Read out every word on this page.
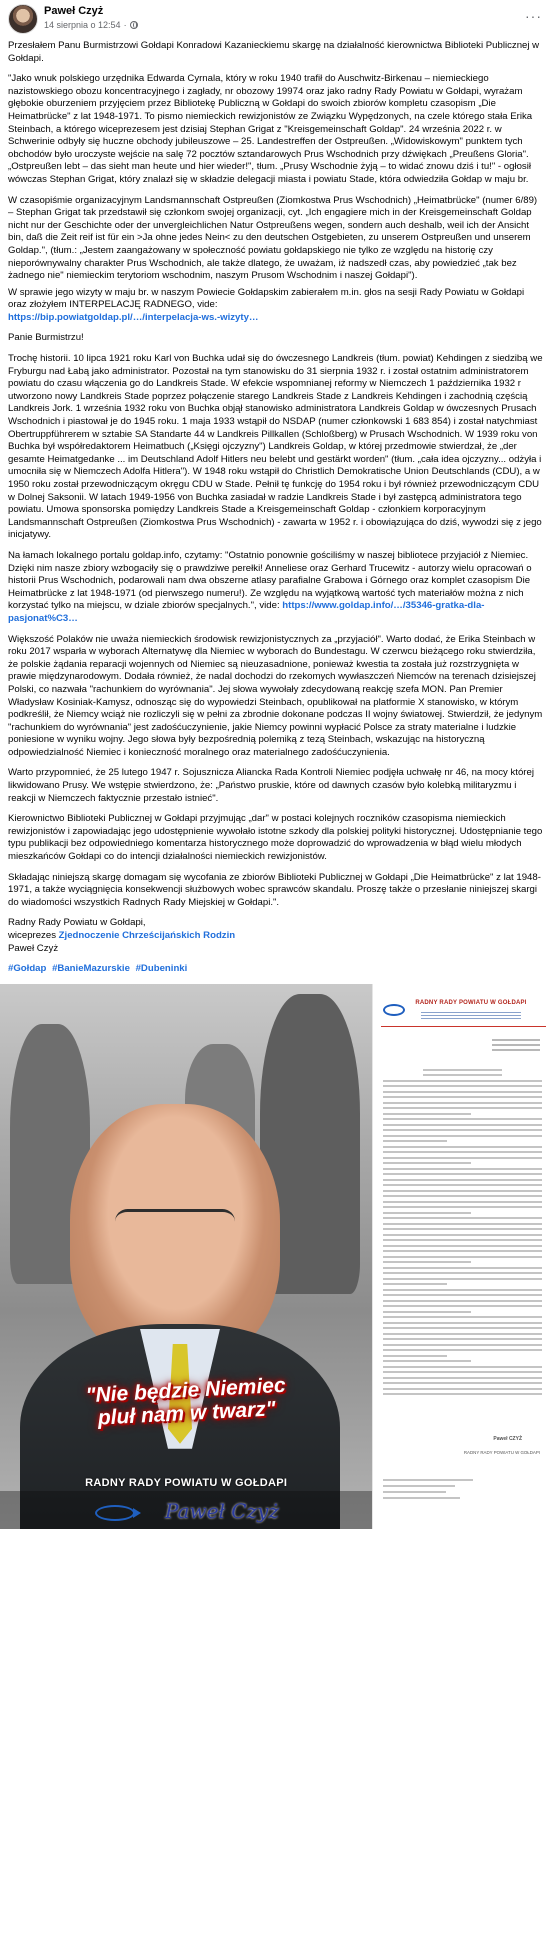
Paweł Czyż
14 sierpnia o 12:54 ·
···

Przesłałem Panu Burmistrzowi Gołdapi Konradowi Kazanieckiemu skargę na działalność kierownictwa Biblioteki Publicznej w Gołdapi.

"Jako wnuk polskiego urzędnika Edwarda Cyrnala, który w roku 1940 trafił do Auschwitz-Birkenau – niemieckiego nazistowskiego obozu koncentracyjnego i zagłady, nr obozowy 19974 oraz jako radny Rady Powiatu w Gołdapi, wyrażam głębokie oburzeniem przyjęciem przez Bibliotekę Publiczną w Gołdapi do swoich zbiorów kompletu czasopism „Die Heimatbrücke" z lat 1948-1971. To pismo niemieckich rewizjonistów ze Związku Wypędzonych, na czele którego stała Erika Steinbach, a którego wiceprezesem jest dzisiaj Stephan Grigat z "Kreisgemeinschaft Goldap". 24 września 2022 r. w Schwerinie odbyły się huczne obchody jubileuszowe – 25. Landestreffen der Ostpreußen. „Widowiskowym" punktem tych obchodów było uroczyste wejście na salę 72 pocztów sztandarowych Prus Wschodnich przy dźwiękach „Preußens Gloria". „Ostpreußen lebt – das sieht man heute und hier wieder!", tłum. „Prusy Wschodnie żyją – to widać znowu dziś i tu!" - ogłosił wówczas Stephan Grigat, który znalazł się w składzie delegacji miasta i powiatu Stade, która odwiedziła Gołdap w maju br.

W czasopiśmie organizacyjnym Landsmannschaft Ostpreußen (Ziomkostwa Prus Wschodnich) „Heimatbrücke" (numer 6/89) – Stephan Grigat tak przedstawił się członkom swojej organizacji, cyt. „Ich engagiere mich in der Kreisgemeinschaft Goldap nicht nur der Geschichte oder der unvergleichlichen Natur Ostpreußens wegen, sondern auch deshalb, weil ich der Ansicht bin, daß die Zeit reif ist für ein >Ja ohne jedes Nein< zu den deutschen Ostgebieten, zu unserem Ostpreußen und unserem Goldap.", (tłum.: „Jestem zaangażowany w społeczność powiatu gołdapskiego nie tylko ze względu na historię czy nieporównywalny charakter Prus Wschodnich, ale także dlatego, że uważam, iż nadszedł czas, aby powiedzieć „tak bez żadnego nie" niemieckim terytoriom wschodnim, naszym Prusom Wschodnim i naszej Gołdapi").

W sprawie jego wizyty w maju br. w naszym Powiecie Gołdapskim zabierałem m.in. głos na sesji Rady Powiatu w Gołdapi oraz złożyłem INTERPELACJĘ RADNEGO, vide:
https://bip.powiatgoldap.pl/…/interpelacja-ws.-wizyty…

Panie Burmistrzu!

Trochę historii. 10 lipca 1921 roku Karl von Buchka udał się do ówczesnego Landkreis (tłum. powiat) Kehdingen z siedzibą we Fryburgu nad Łabą jako administrator. Pozostał na tym stanowisku do 31 sierpnia 1932 r. i został ostatnim administratorem powiatu do czasu włączenia go do Landkreis Stade. W efekcie wspomnianej reformy w Niemczech 1 października 1932 r utworzono nowy Landkreis Stade poprzez połączenie starego Landkreis Stade z Landkreis Kehdingen i zachodnią częścią Landkreis Jork. 1 września 1932 roku von Buchka objął stanowisko administratora Landkreis Goldap w ówczesnych Prusach Wschodnich i piastował je do 1945 roku. 1 maja 1933 wstąpił do NSDAP (numer członkowski 1 683 854) i został natychmiast Obertruppführerem w sztabie SA Standarte 44 w Landkreis Pillkallen (Schloßberg) w Prusach Wschodnich. W 1939 roku von Buchka był współredaktorem Heimatbuch („Księgi ojczyzny") Landkreis Goldap, w której przedmowie stwierdzał, że „der gesamte Heimatgedanke ... im Deutschland Adolf Hitlers neu belebt und gestärkt worden" (tłum. „cała idea ojczyzny... odżyła i umocniła się w Niemczech Adolfa Hitlera"). W 1948 roku wstąpił do Christlich Demokratische Union Deutschlands (CDU), a w 1950 roku został przewodniczącym okręgu CDU w Stade. Pełnił tę funkcję do 1954 roku i był również przewodniczącym CDU w Dolnej Saksonii. W latach 1949-1956 von Buchka zasiadał w radzie Landkreis Stade i był zastępcą administratora tego powiatu. Umowa sponsorska pomiędzy Landkreis Stade a Kreisgemeinschaft Goldap - członkiem korporacyjnym Landsmannschaft Ostpreußen (Ziomkostwa Prus Wschodnich) - zawarta w 1952 r. i obowiązująca do dziś, wywodzi się z jego inicjatywy.

Na łamach lokalnego portalu goldap.info, czytamy: "Ostatnio ponownie gościliśmy w naszej bibliotece przyjaciół z Niemiec. Dzięki nim nasze zbiory wzbogaciły się o prawdziwe perełki! Anneliese oraz Gerhard Trucewitz - autorzy wielu opracowań o historii Prus Wschodnich, podarowali nam dwa obszerne atlasy parafialne Grabowa i Górnego oraz komplet czasopism Die Heimatbrücke z lat 1948-1971 (od pierwszego numeru!). Ze względu na wyjątkową wartość tych materiałów można z nich korzystać tylko na miejscu, w dziale zbiorów specjalnych.", vide: https://www.goldap.info/…/35346-gratka-dla-pasjonat%C3…

Większość Polaków nie uważa niemieckich środowisk rewizjonistycznych za „przyjaciół". Warto dodać, że Erika Steinbach w roku 2017 wsparła w wyborach Alternatywę dla Niemiec w wyborach do Bundestagu. W czerwcu bieżącego roku stwierdziła, że polskie żądania reparacji wojennych od Niemiec są nieuzasadnione, ponieważ kwestia ta została już rozstrzygnięta w prawie międzynarodowym. Dodała również, że nadal dochodzi do rzekomych wywłaszczeń Niemców na terenach dzisiejszej Polski, co nazwała "rachunkiem do wyrównania". Jej słowa wywołały zdecydowaną reakcję szefa MON. Pan Premier Władysław Kosiniak-Kamysz, odnosząc się do wypowiedzi Steinbach, opublikował na platformie X stanowisko, w którym podkreślił, że Niemcy wciąż nie rozliczyli się w pełni za zbrodnie dokonane podczas II wojny światowej. Stwierdził, że jedynym "rachunkiem do wyrównania" jest zadośćuczynienie, jakie Niemcy powinni wypłacić Polsce za straty materialne i ludzkie poniesione w wyniku wojny. Jego słowa były bezpośrednią polemiką z tezą Steinbach, wskazując na historyczną odpowiedzialność Niemiec i konieczność moralnego oraz materialnego zadośćuczynienia.

Warto przypomnieć, że 25 lutego 1947 r. Sojusznicza Aliancka Rada Kontroli Niemiec podjęła uchwałę nr 46, na mocy której likwidowano Prusy. We wstępie stwierdzono, że: „Państwo pruskie, które od dawnych czasów było kolebką militaryzmu i reakcji w Niemczech faktycznie przestało istnieć".

Kierownictwo Biblioteki Publicznej w Gołdapi przyjmując „dar" w postaci kolejnych roczników czasopisma niemieckich rewizjonistów i zapowiadając jego udostępnienie wywołało istotne szkody dla polskiej polityki historycznej. Udostępnianie tego typu publikacji bez odpowiedniego komentarza historycznego może doprowadzić do wprowadzenia w błąd wielu młodych mieszkańców Gołdapi co do intencji działalności niemieckich rewizjonistów.

Składając niniejszą skargę domagam się wycofania ze zbiorów Biblioteki Publicznej w Gołdapi „Die Heimatbrücke" z lat 1948-1971, a także wyciągnięcia konsekwencji służbowych wobec sprawców skandalu. Proszę także o przesłanie niniejszej skargi do wiadomości wszystkich Radnych Rady Miejskiej w Gołdapi.".

Radny Rady Powiatu w Gołdapi,
wiceprezes Zjednoczenie Chrześcijańskich Rodzin
Paweł Czyż

#Gołdap #BanieMazurskie #Dubeninki

"Nie będzie Niemiec
pluł nam w twarz"
RADNY RADY POWIATU W GOŁDAPI
Paweł Czyż
RADNY RADY POWIATU W GOŁDAPI
Paweł CZYŻ
RADNY RADY POWIATU W GOŁDAPI
